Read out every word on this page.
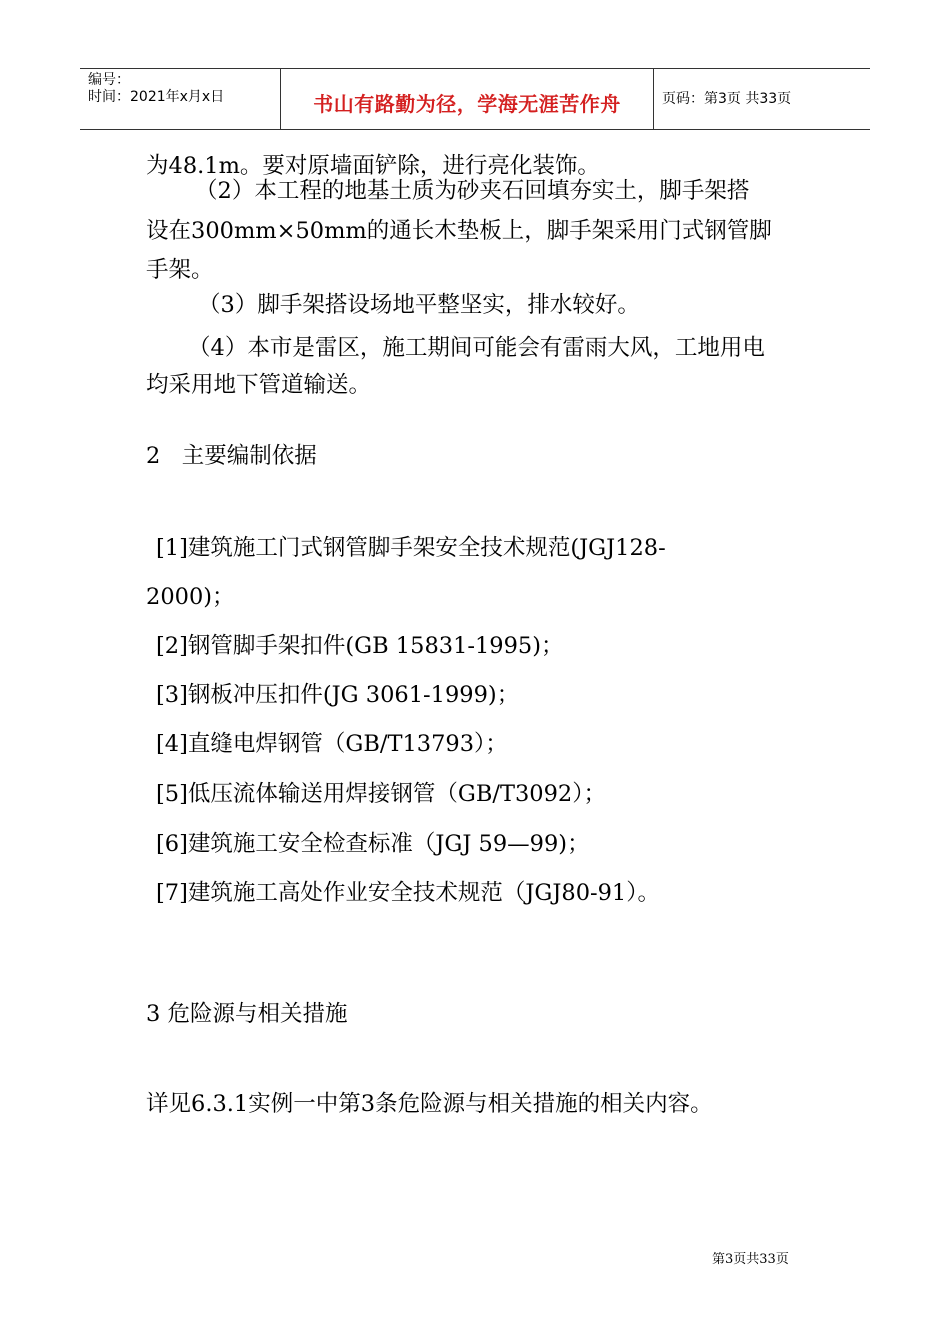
编号：
时间：2021年x月x日	书山有路勤为径，学海无涯苦作舟	页码：第3页 共33页
为48.1m。要对原墙面铲除，进行亮化装饰。
（2）本工程的地基土质为砂夹石回填夯实土，脚手架搭
设在300mm×50mm的通长木垫板上，脚手架采用门式钢管脚
手架。
（3）脚手架搭设场地平整坚实，排水较好。
（4）本市是雷区，施工期间可能会有雷雨大风，工地用电
均采用地下管道输送。
2   主要编制依据
[1]建筑施工门式钢管脚手架安全技术规范(JGJ128-
2000)；
[2]钢管脚手架扣件(GB 15831-1995)；
[3]钢板冲压扣件(JG 3061-1999)；
[4]直缝电焊钢管（GB/T13793）；
[5]低压流体输送用焊接钢管（GB/T3092）；
[6]建筑施工安全检查标准（JGJ 59—99)；
[7]建筑施工高处作业安全技术规范（JGJ80-91）。
3 危险源与相关措施
详见6.3.1实例一中第3条危险源与相关措施的相关内容。
第3页共33页
